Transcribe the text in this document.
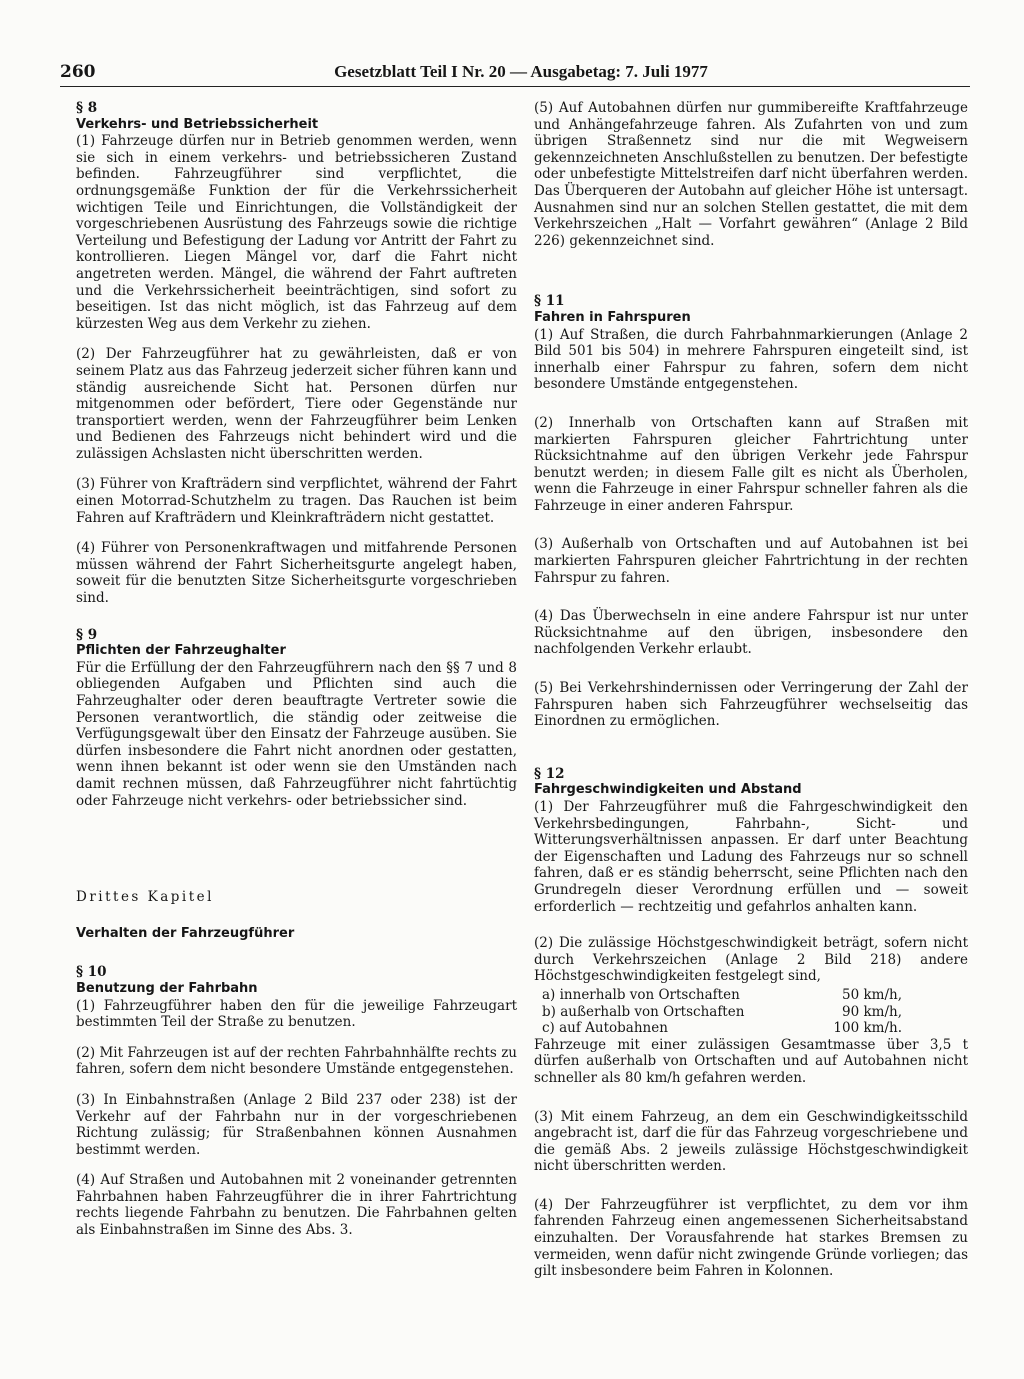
260	Gesetzblatt Teil I Nr. 20 — Ausgabetag: 7. Juli 1977

§ 8

Verkehrs- und Betriebssicherheit

(1) Fahrzeuge dürfen nur in Betrieb genommen werden, wenn sie sich in einem verkehrs- und betriebssicheren Zustand befinden. Fahrzeugführer sind verpflichtet, die ordnungsgemäße Funktion der für die Verkehrssicherheit wichtigen Teile und Einrichtungen, die Vollständigkeit der vorgeschriebenen Ausrüstung des Fahrzeugs sowie die richtige Verteilung und Befestigung der Ladung vor Antritt der Fahrt zu kontrollieren. Liegen Mängel vor, darf die Fahrt nicht angetreten werden. Mängel, die während der Fahrt auftreten und die Verkehrssicherheit beeinträchtigen, sind sofort zu beseitigen. Ist das nicht möglich, ist das Fahrzeug auf dem kürzesten Weg aus dem Verkehr zu ziehen.

(2) Der Fahrzeugführer hat zu gewährleisten, daß er von seinem Platz aus das Fahrzeug jederzeit sicher führen kann und ständig ausreichende Sicht hat. Personen dürfen nur mitgenommen oder befördert, Tiere oder Gegenstände nur transportiert werden, wenn der Fahrzeugführer beim Lenken und Bedienen des Fahrzeugs nicht behindert wird und die zulässigen Achslasten nicht überschritten werden.

(3) Führer von Krafträdern sind verpflichtet, während der Fahrt einen Motorrad-Schutzhelm zu tragen. Das Rauchen ist beim Fahren auf Krafträdern und Kleinkrafträdern nicht gestattet.

(4) Führer von Personenkraftwagen und mitfahrende Personen müssen während der Fahrt Sicherheitsgurte angelegt haben, soweit für die benutzten Sitze Sicherheitsgurte vorgeschrieben sind.

§ 9

Pflichten der Fahrzeughalter

Für die Erfüllung der den Fahrzeugführern nach den §§ 7 und 8 obliegenden Aufgaben und Pflichten sind auch die Fahrzeughalter oder deren beauftragte Vertreter sowie die Personen verantwortlich, die ständig oder zeitweise die Verfügungsgewalt über den Einsatz der Fahrzeuge ausüben. Sie dürfen insbesondere die Fahrt nicht anordnen oder gestatten, wenn ihnen bekannt ist oder wenn sie den Umständen nach damit rechnen müssen, daß Fahrzeugführer nicht fahrtüchtig oder Fahrzeuge nicht verkehrs- oder betriebssicher sind.

Drittes Kapitel

Verhalten der Fahrzeugführer

§ 10

Benutzung der Fahrbahn

(1) Fahrzeugführer haben den für die jeweilige Fahrzeugart bestimmten Teil der Straße zu benutzen.

(2) Mit Fahrzeugen ist auf der rechten Fahrbahnhälfte rechts zu fahren, sofern dem nicht besondere Umstände entgegenstehen.

(3) In Einbahnstraßen (Anlage 2 Bild 237 oder 238) ist der Verkehr auf der Fahrbahn nur in der vorgeschriebenen Richtung zulässig; für Straßenbahnen können Ausnahmen bestimmt werden.

(4) Auf Straßen und Autobahnen mit 2 voneinander getrennten Fahrbahnen haben Fahrzeugführer die in ihrer Fahrtrichtung rechts liegende Fahrbahn zu benutzen. Die Fahrbahnen gelten als Einbahnstraßen im Sinne des Abs. 3.

(5) Auf Autobahnen dürfen nur gummibereifte Kraftfahrzeuge und Anhängefahrzeuge fahren. Als Zufahrten von und zum übrigen Straßennetz sind nur die mit Wegweisern gekennzeichneten Anschlußstellen zu benutzen. Der befestigte oder unbefestigte Mittelstreifen darf nicht überfahren werden. Das Überqueren der Autobahn auf gleicher Höhe ist untersagt. Ausnahmen sind nur an solchen Stellen gestattet, die mit dem Verkehrszeichen „Halt — Vorfahrt gewähren“ (Anlage 2 Bild 226) gekennzeichnet sind.

§ 11

Fahren in Fahrspuren

(1) Auf Straßen, die durch Fahrbahnmarkierungen (Anlage 2 Bild 501 bis 504) in mehrere Fahrspuren eingeteilt sind, ist innerhalb einer Fahrspur zu fahren, sofern dem nicht besondere Umstände entgegenstehen.

(2) Innerhalb von Ortschaften kann auf Straßen mit markierten Fahrspuren gleicher Fahrtrichtung unter Rücksichtnahme auf den übrigen Verkehr jede Fahrspur benutzt werden; in diesem Falle gilt es nicht als Überholen, wenn die Fahrzeuge in einer Fahrspur schneller fahren als die Fahrzeuge in einer anderen Fahrspur.

(3) Außerhalb von Ortschaften und auf Autobahnen ist bei markierten Fahrspuren gleicher Fahrtrichtung in der rechten Fahrspur zu fahren.

(4) Das Überwechseln in eine andere Fahrspur ist nur unter Rücksichtnahme auf den übrigen, insbesondere den nachfolgenden Verkehr erlaubt.

(5) Bei Verkehrshindernissen oder Verringerung der Zahl der Fahrspuren haben sich Fahrzeugführer wechselseitig das Einordnen zu ermöglichen.

§ 12

Fahrgeschwindigkeiten und Abstand

(1) Der Fahrzeugführer muß die Fahrgeschwindigkeit den Verkehrsbedingungen, Fahrbahn-, Sicht- und Witterungsverhältnissen anpassen. Er darf unter Beachtung der Eigenschaften und Ladung des Fahrzeugs nur so schnell fahren, daß er es ständig beherrscht, seine Pflichten nach den Grundregeln dieser Verordnung erfüllen und — soweit erforderlich — rechtzeitig und gefahrlos anhalten kann.

(2) Die zulässige Höchstgeschwindigkeit beträgt, sofern nicht durch Verkehrszeichen (Anlage 2 Bild 218) andere Höchstgeschwindigkeiten festgelegt sind,

a) innerhalb von Ortschaften	50 km/h,
b) außerhalb von Ortschaften	90 km/h,
c) auf Autobahnen	100 km/h.

Fahrzeuge mit einer zulässigen Gesamtmasse über 3,5 t dürfen außerhalb von Ortschaften und auf Autobahnen nicht schneller als 80 km/h gefahren werden.

(3) Mit einem Fahrzeug, an dem ein Geschwindigkeitsschild angebracht ist, darf die für das Fahrzeug vorgeschriebene und die gemäß Abs. 2 jeweils zulässige Höchstgeschwindigkeit nicht überschritten werden.

(4) Der Fahrzeugführer ist verpflichtet, zu dem vor ihm fahrenden Fahrzeug einen angemessenen Sicherheitsabstand einzuhalten. Der Vorausfahrende hat starkes Bremsen zu vermeiden, wenn dafür nicht zwingende Gründe vorliegen; das gilt insbesondere beim Fahren in Kolonnen.
